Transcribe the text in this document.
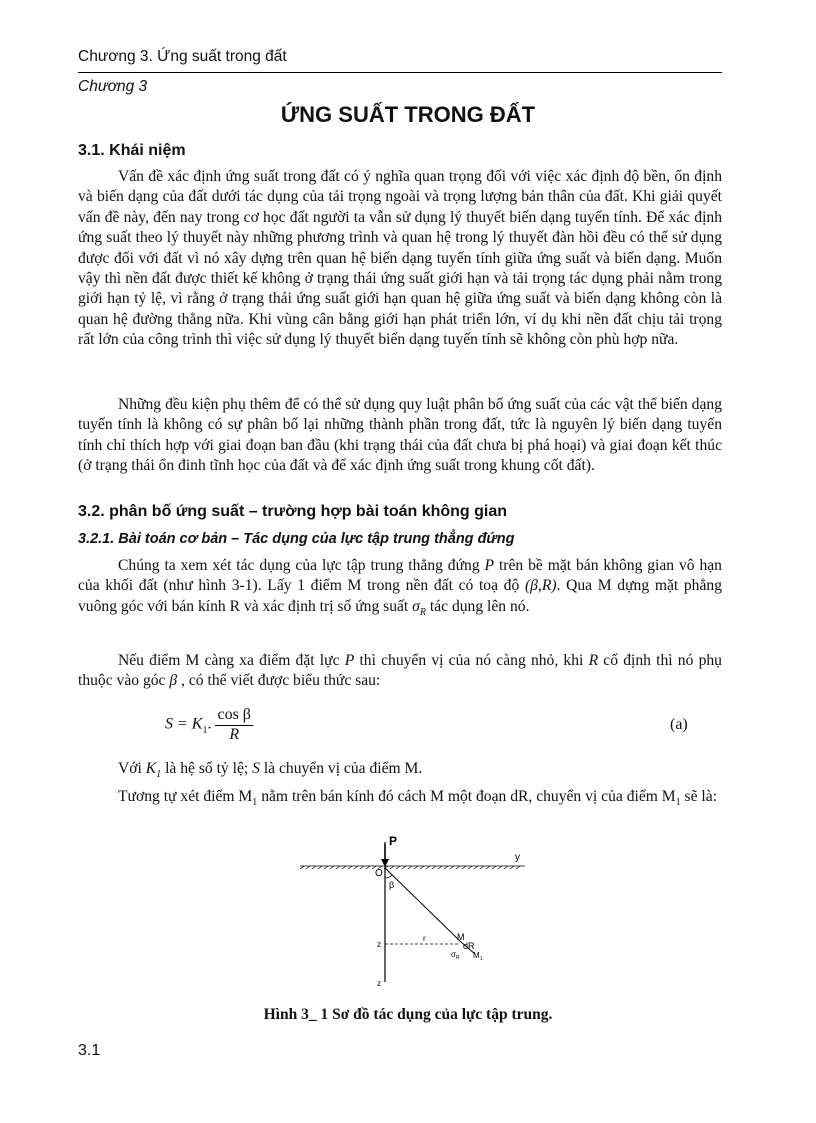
Chương 3. Ứng suất trong đất
Chương 3
ỨNG SUẤT TRONG ĐẤT
3.1. Khái niệm
Vấn đề xác định ứng suất trong đất có ý nghĩa quan trọng đối với việc xác định độ bền, ổn định và biến dạng của đất dưới tác dụng của tải trọng ngoài và trọng lượng bản thân của đất. Khi giải quyết vấn đề này, đến nay trong cơ học đất người ta vẫn sử dụng lý thuyết biến dạng tuyến tính. Để xác định ứng suất theo lý thuyết này những phương trình và quan hệ trong lý thuyết đàn hồi đều có thể sử dụng được đối với đất vì nó xây dựng trên quan hệ biến dạng tuyến tính giữa ứng suất và biến dạng. Muốn vậy thì nền đất được thiết kế không ở trạng thái ứng suất giới hạn và tải trọng tác dụng phải nằm trong giới hạn tỷ lệ, vì rằng ở trạng thái ứng suất giới hạn quan hệ giữa ứng suất và biến dạng không còn là quan hệ đường thẳng nữa. Khi vùng cân bằng giới hạn phát triển lớn, ví dụ khi nền đất chịu tải trọng rất lớn của công trình thì việc sử dụng lý thuyết biến dạng tuyến tính sẽ không còn phù hợp nữa.
Những đều kiện phụ thêm để có thể sử dụng quy luật phân bố ứng suất của các vật thể biến dạng tuyến tính là không có sự phân bố lại những thành phần trong đất, tức là nguyên lý biến dạng tuyến tính chỉ thích hợp với giai đoạn ban đầu (khi trạng thái của đất chưa bị phá hoại) và giai đoạn kết thúc (ở trạng thái ổn đinh tĩnh học của đất và để xác định ứng suất trong khung cốt đất).
3.2. phân bố ứng suất – trường hợp bài toán không gian
3.2.1. Bài toán cơ bản – Tác dụng của lực tập trung thẳng đứng
Chúng ta xem xét tác dụng của lực tập trung thẳng đứng P trên bề mặt bán không gian vô hạn của khối đất (như hình 3-1). Lấy 1 điểm M trong nền đất có toạ độ (β,R). Qua M dựng mặt phẳng vuông góc với bán kính R và xác định trị số ứng suất $\sigma_R$ tác dụng lên nó.
Nếu điểm M càng xa điểm đặt lực P thì chuyển vị của nó càng nhỏ, khi R cố định thì nó phụ thuộc vào góc β , có thể viết được biểu thức sau:
$S = K_1$. $\frac{\text{cos β}}{R}$	(a)
Với $K_1$ là hệ số tỷ lệ; S là chuyển vị của điểm M.
Tương tự xét điểm $M_1$ nằm trên bán kính đó cách M một đoạn dR, chuyển vị của điểm $M_1$ sẽ là:
P
y
O
β
z
r	M
dR
σ R M 1
z
Hình 3_ 1 Sơ đồ tác dụng của lực tập trung.
3.1
